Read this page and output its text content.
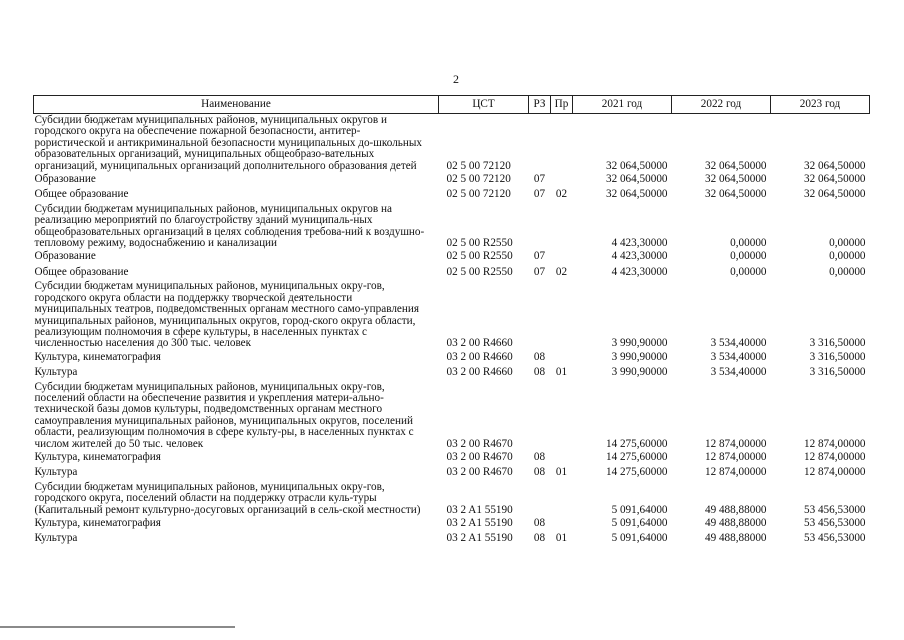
2
Наименование	ЦСТ	РЗ	Пр	2021 год	2022 год	2023 год
Субсидии бюджетам муниципальных районов, муниципальных округов и городского округа на обеспечение пожарной безопасности, антитер-рористической и антикриминальной безопасности муниципальных до-школьных образовательных организаций, муниципальных общеобразо-вательных организаций, муниципальных организаций дополнительного образования детей	02 5 00 72120			32 064,50000	32 064,50000	32 064,50000
Образование	02 5 00 72120	07		32 064,50000	32 064,50000	32 064,50000
Общее образование	02 5 00 72120	07	02	32 064,50000	32 064,50000	32 064,50000
Субсидии бюджетам муниципальных районов, муниципальных округов на реализацию мероприятий по благоустройству зданий муниципаль-ных общеобразовательных организаций в целях соблюдения требова-ний к воздушно-тепловому режиму, водоснабжению и канализации	02 5 00 R2550			4 423,30000	0,00000	0,00000
Образование	02 5 00 R2550	07		4 423,30000	0,00000	0,00000
Общее образование	02 5 00 R2550	07	02	4 423,30000	0,00000	0,00000
Субсидии бюджетам муниципальных районов, муниципальных окру-гов, городского округа области на поддержку творческой деятельности муниципальных театров, подведомственных органам местного само-управления муниципальных районов, муниципальных округов, город-ского округа области, реализующим полномочия в сфере культуры, в населенных пунктах с численностью населения до 300 тыс. человек	03 2 00 R4660			3 990,90000	3 534,40000	3 316,50000
Культура, кинематография	03 2 00 R4660	08		3 990,90000	3 534,40000	3 316,50000
Культура	03 2 00 R4660	08	01	3 990,90000	3 534,40000	3 316,50000
Субсидии бюджетам муниципальных районов, муниципальных окру-гов, поселений области на обеспечение развития и укрепления матери-ально-технической базы домов культуры, подведомственных органам местного самоуправления муниципальных районов, муниципальных округов, поселений области, реализующим полномочия в сфере культу-ры, в населенных пунктах с числом жителей до 50 тыс. человек	03 2 00 R4670			14 275,60000	12 874,00000	12 874,00000
Культура, кинематография	03 2 00 R4670	08		14 275,60000	12 874,00000	12 874,00000
Культура	03 2 00 R4670	08	01	14 275,60000	12 874,00000	12 874,00000
Субсидии бюджетам муниципальных районов, муниципальных окру-гов, городского округа, поселений области на поддержку отрасли куль-туры (Капитальный ремонт культурно-досуговых организаций в сель-ской местности)	03 2 A1 55190			5 091,64000	49 488,88000	53 456,53000
Культура, кинематография	03 2 A1 55190	08		5 091,64000	49 488,88000	53 456,53000
Культура	03 2 A1 55190	08	01	5 091,64000	49 488,88000	53 456,53000
